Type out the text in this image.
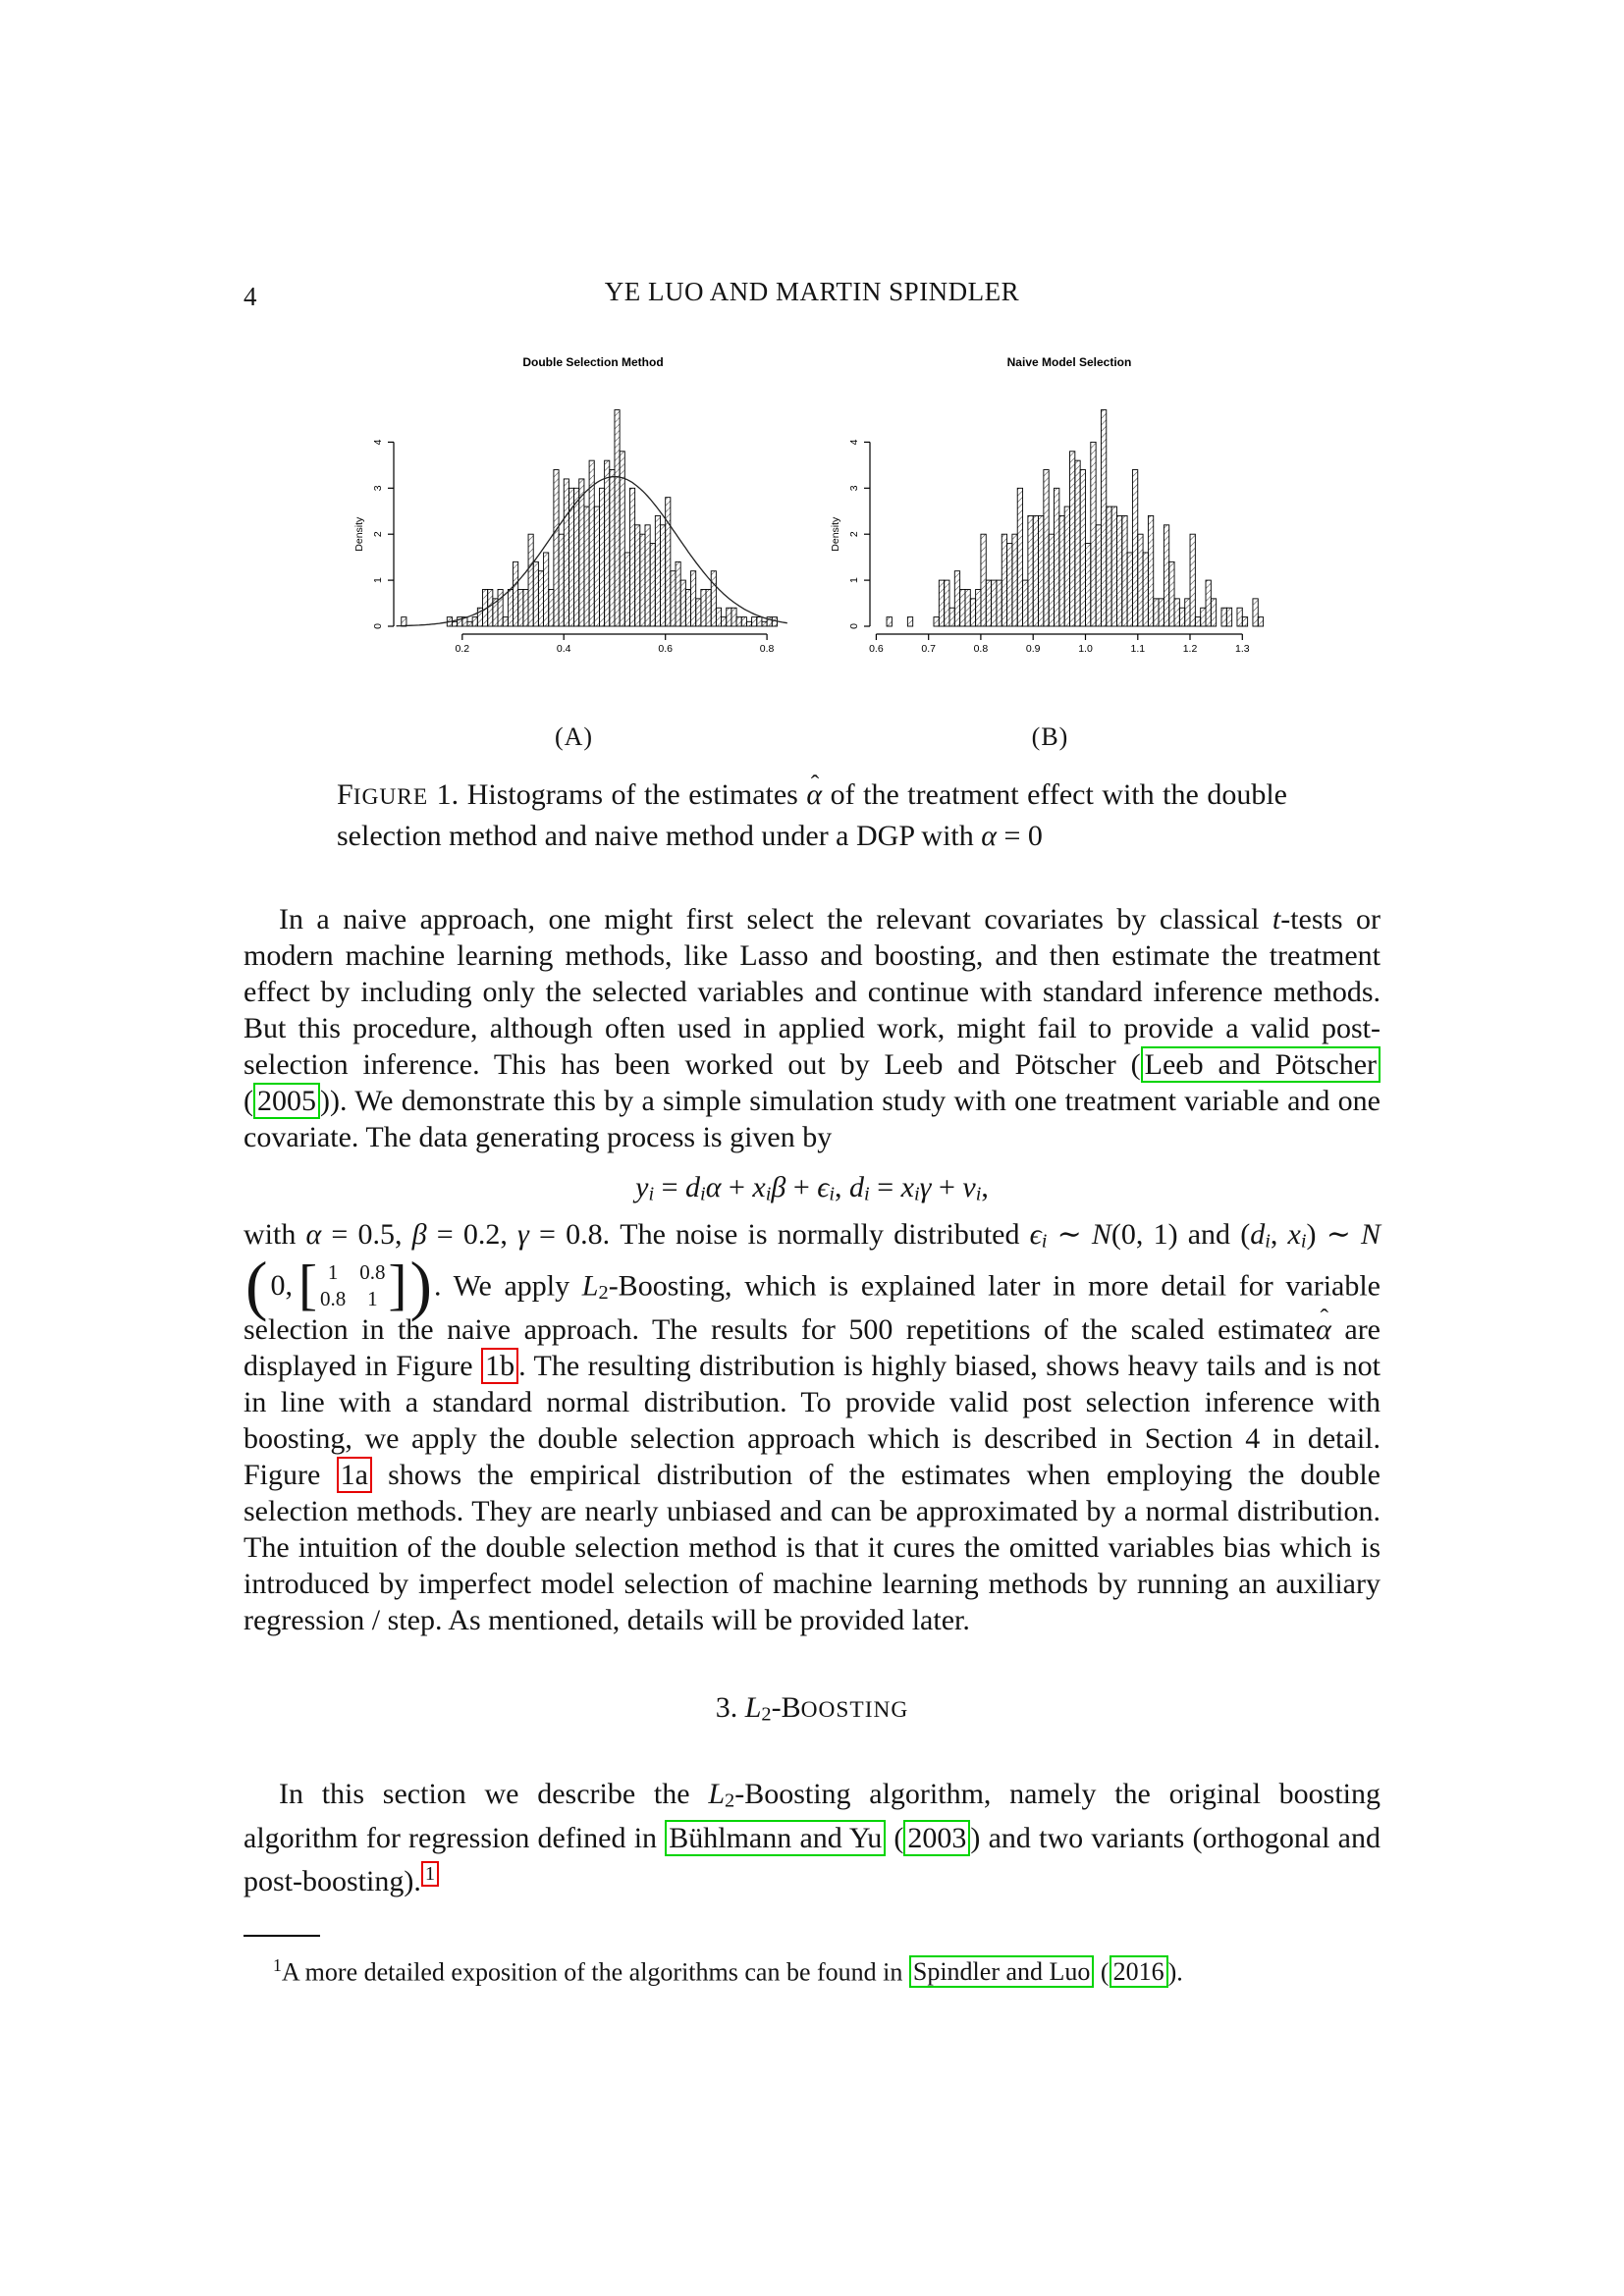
4	YE LUO AND MARTIN SPINDLER
0.2	0.4	0.6	0.8
0
1
2
3
4
Double Selection Method
Density
0.6	0.7	0.8	0.9	1.0	1.1	1.2	1.3
0
1
2
3
4
Naive Model Selection
Density
(A)	(B)
FIGURE 1. Histograms of the estimates α ˆ of the treatment effect with the double selection method and naive method under a DGP with α = 0

In a naive approach, one might first select the relevant covariates by classical t-tests or modern machine learning methods, like Lasso and boosting, and then estimate the treatment effect by including only the selected variables and continue with standard inference methods. But this procedure, although often used in applied work, might fail to provide a valid post-selection inference. This has been worked out by Leeb and Pötscher ( Leeb and Pötscher ( 2005 )). We demonstrate this by a simple simulation study with one treatment variable and one covariate. The data generating process is given by

yi = diα + xiβ + ϵi, di = xiγ + vi,

with α = 0.5, β = 0.2, γ = 0.8. The noise is normally distributed ϵi ∼ N(0, 1) and (di, xi) ∼ N
( 0, [ 1	0.8
0.8	1 ] ) . We apply L2-Boosting, which is explained later in more detail for variable selection in the naive approach. The results for 500 repetitions of the scaled estimateα ˆ are displayed in Figure 1b . The resulting distribution is highly biased, shows heavy tails and is not in line with a standard normal distribution. To provide valid post selection inference with boosting, we apply the double selection approach which is described in Section 4 in detail. Figure 1a shows the empirical distribution of the estimates when employing the double selection methods. They are nearly unbiased and can be approximated by a normal distribution. The intuition of the double selection method is that it cures the omitted variables bias which is introduced by imperfect model selection of machine learning methods by running an auxiliary regression / step. As mentioned, details will be provided later.

3. L2-BOOSTING

In this section we describe the L2-Boosting algorithm, namely the original boosting algorithm for regression defined in Bühlmann and Yu ( 2003 ) and two variants (orthogonal and post-boosting). $^1$

$^1$A more detailed exposition of the algorithms can be found in Spindler and Luo ( 2016 ).
